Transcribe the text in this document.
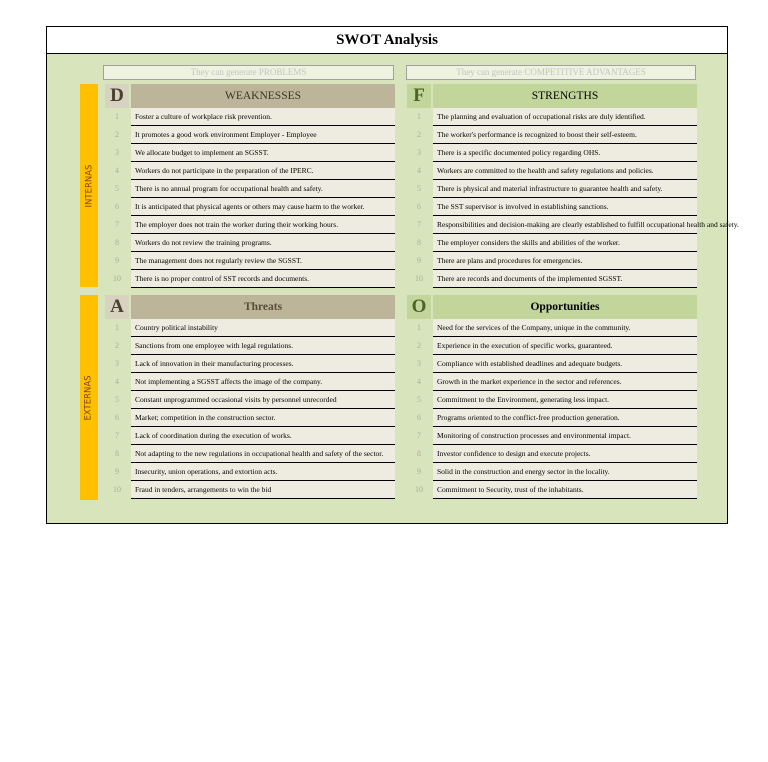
SWOT Analysis
They can generate PROBLEMS	They can generate COMPETITIVE ADVANTAGES
INTERNAS
EXTERNAS
D	WEAKNESSES
1	Foster a culture of workplace risk prevention.
2	It promotes a good work environment Employer - Employee
3	We allocate budget to implement an SGSST.
4	Workers do not participate in the preparation of the IPERC.
5	There is no annual program for occupational health and safety.
6	It is anticipated that physical agents or others may cause harm to the worker.
7	The employer does not train the worker during their working hours.
8	Workers do not review the training programs.
9	The management does not regularly review the SGSST.
10	There is no proper control of SST records and documents.
F	STRENGTHS
1	The planning and evaluation of occupational risks are duly identified.
2	The worker's performance is recognized to boost their self-esteem.
3	There is a specific documented policy regarding OHS.
4	Workers are committed to the health and safety regulations and policies.
5	There is physical and material infrastructure to guarantee health and safety.
6	The SST supervisor is involved in establishing sanctions.
7	Responsibilities and decision-making are clearly established to fulfill occupational health and safety.
8	The employer considers the skills and abilities of the worker.
9	There are plans and procedures for emergencies.
10	There are records and documents of the implemented SGSST.
A	Threats
1	Country political instability
2	Sanctions from one employee with legal regulations.
3	Lack of innovation in their manufacturing processes.
4	Not implementing a SGSST affects the image of the company.
5	Constant unprogrammed occasional visits by personnel unrecorded
6	Market; competition in the construction sector.
7	Lack of coordination during the execution of works.
8	Not adapting to the new regulations in occupational health and safety of the sector.
9	Insecurity, union operations, and extortion acts.
10	Fraud in tenders, arrangements to win the bid
O	Opportunities
1	Need for the services of the Company, unique in the community.
2	Experience in the execution of specific works, guaranteed.
3	Compliance with established deadlines and adequate budgets.
4	Growth in the market experience in the sector and references.
5	Commitment to the Environment, generating less impact.
6	Programs oriented to the conflict-free production generation.
7	Monitoring of construction processes and environmental impact.
8	Investor confidence to design and execute projects.
9	Solid in the construction and energy sector in the locality.
10	Commitment to Security, trust of the inhabitants.
